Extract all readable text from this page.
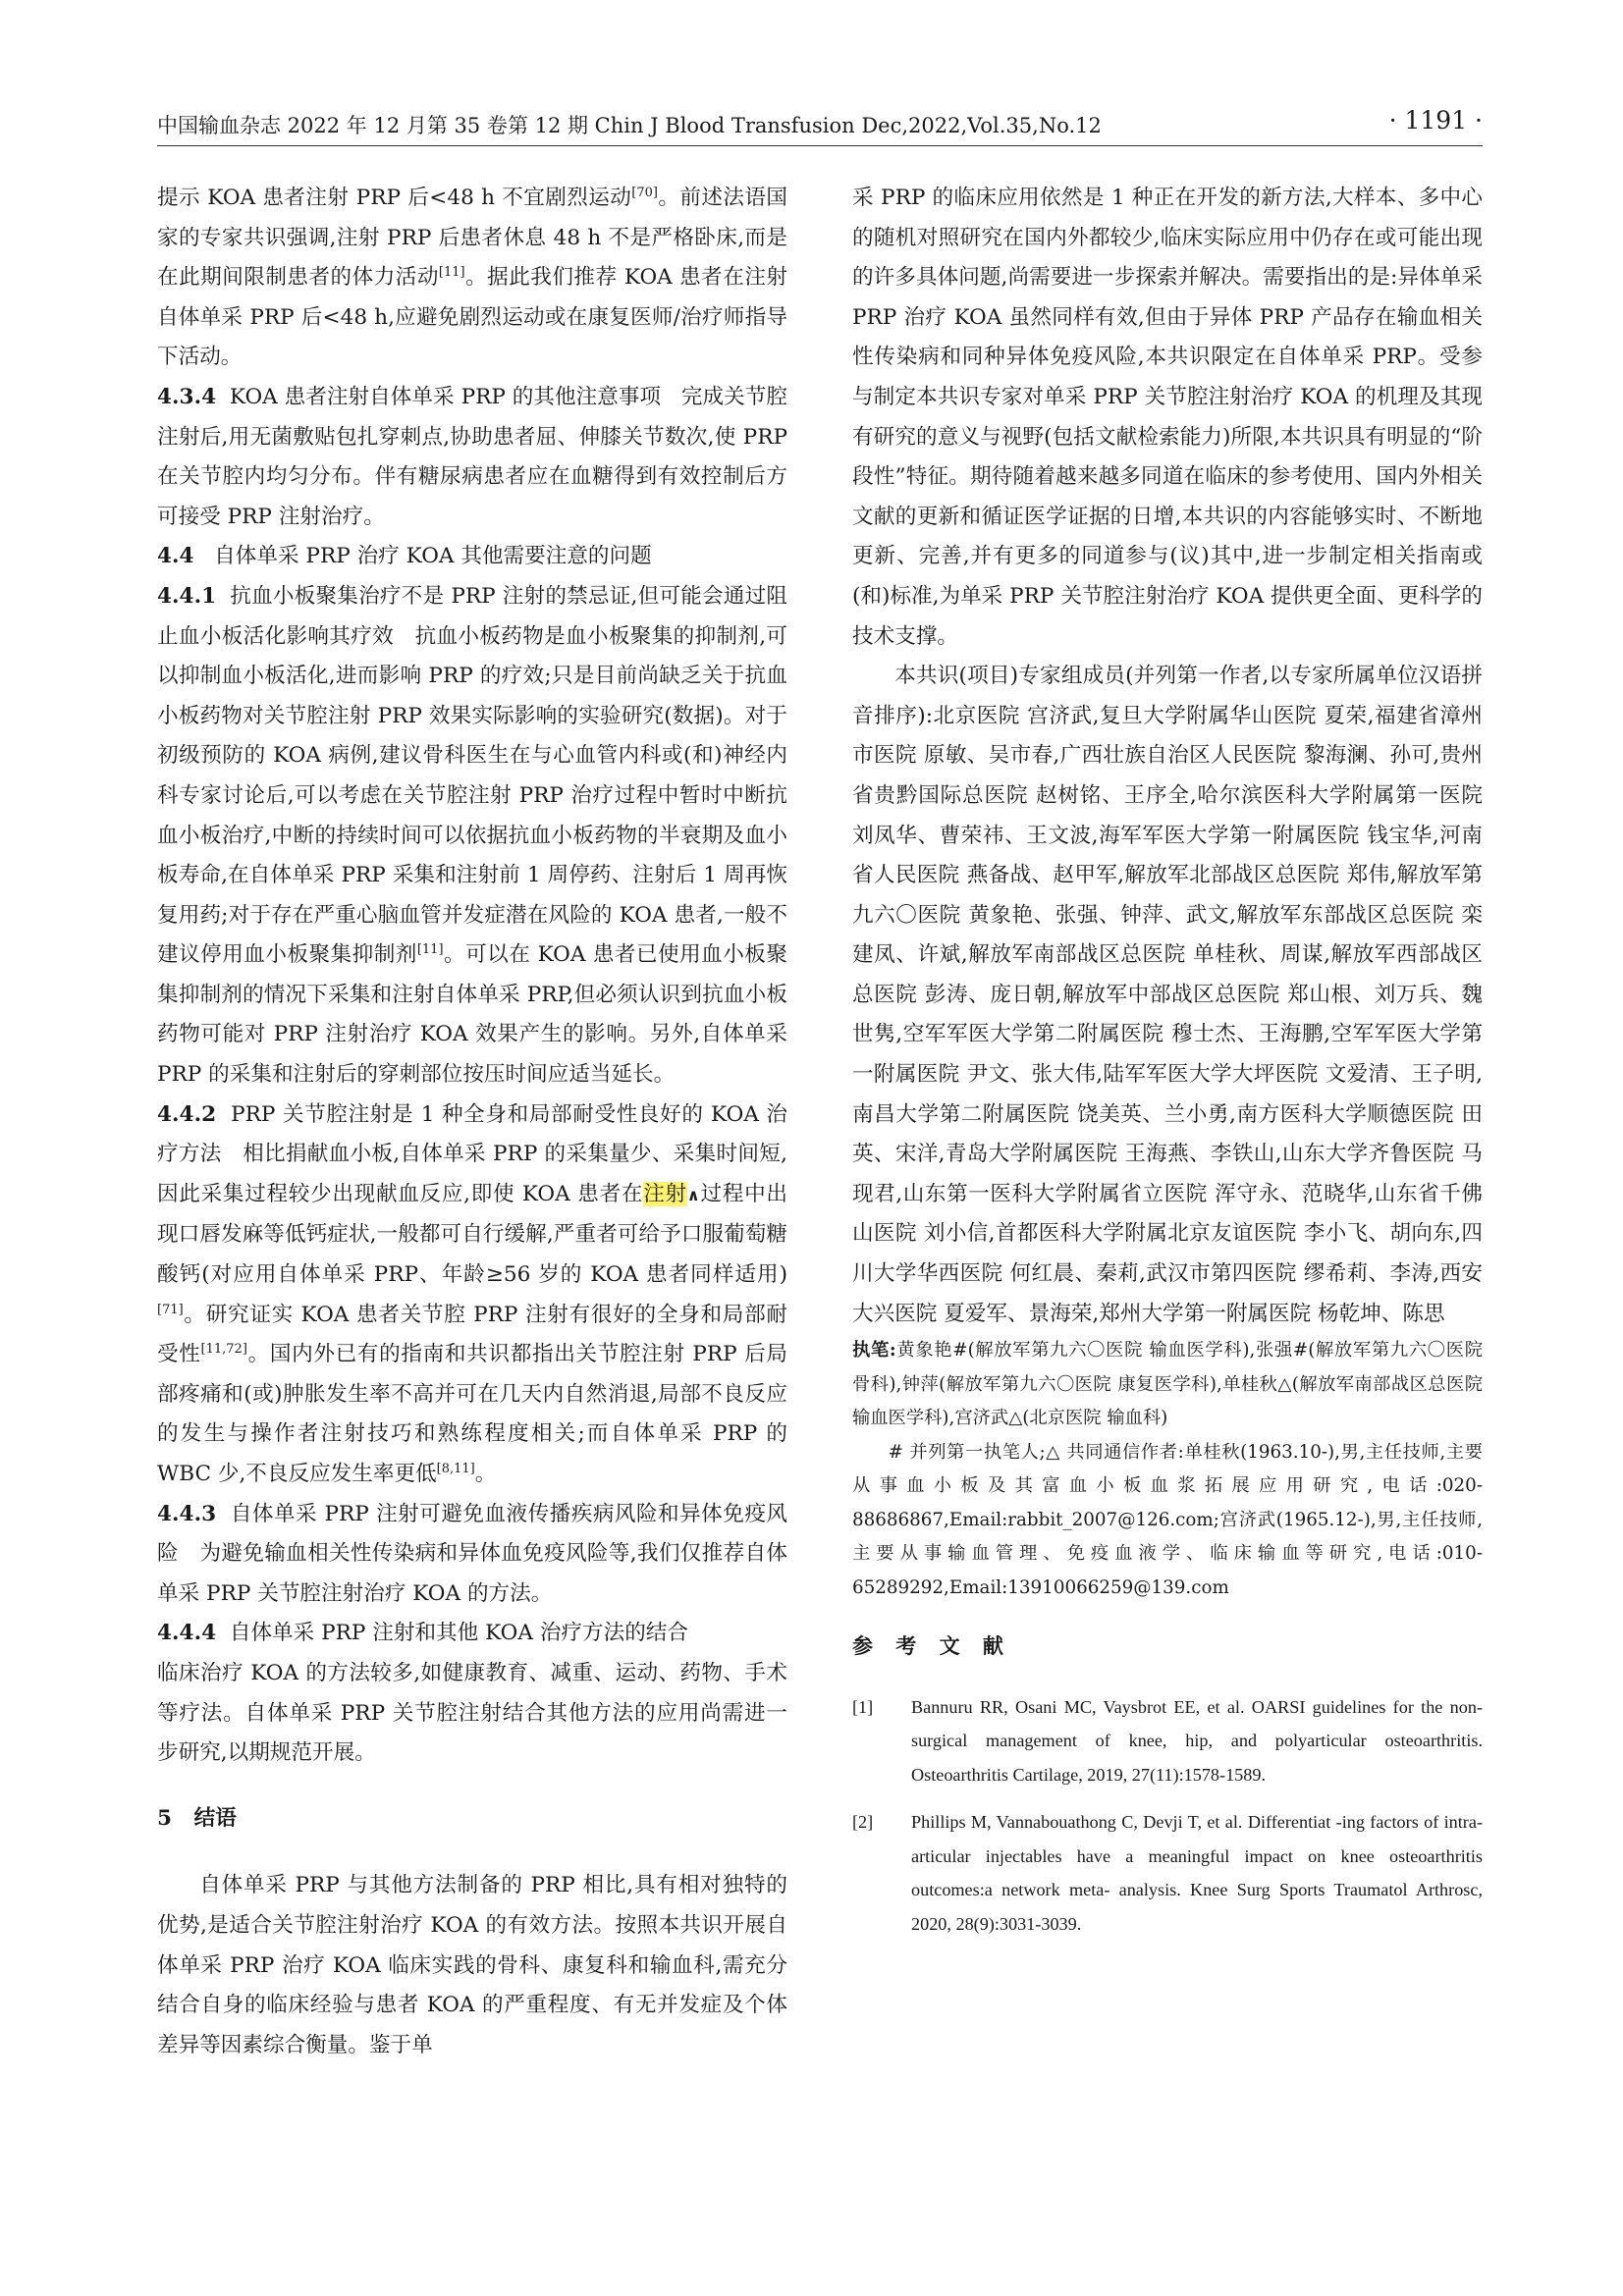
中国输血杂志 2022 年 12 月第 35 卷第 12 期 Chin J Blood Transfusion Dec,2022,Vol.35,No.12	· 1191 ·

提示 KOA 患者注射 PRP 后<48 h 不宜剧烈运动[70]。前述法语国家的专家共识强调,注射 PRP 后患者休息 48 h 不是严格卧床,而是在此期间限制患者的体力活动[11]。据此我们推荐 KOA 患者在注射自体单采 PRP 后<48 h,应避免剧烈运动或在康复医师/治疗师指导下活动。

4.3.4 KOA 患者注射自体单采 PRP 的其他注意事项 完成关节腔注射后,用无菌敷贴包扎穿刺点,协助患者屈、伸膝关节数次,使 PRP 在关节腔内均匀分布。伴有糖尿病患者应在血糖得到有效控制后方可接受 PRP 注射治疗。

4.4 自体单采 PRP 治疗 KOA 其他需要注意的问题

4.4.1 抗血小板聚集治疗不是 PRP 注射的禁忌证,但可能会通过阻止血小板活化影响其疗效 抗血小板药物是血小板聚集的抑制剂,可以抑制血小板活化,进而影响 PRP 的疗效;只是目前尚缺乏关于抗血小板药物对关节腔注射 PRP 效果实际影响的实验研究(数据)。对于初级预防的 KOA 病例,建议骨科医生在与心血管内科或(和)神经内科专家讨论后,可以考虑在关节腔注射 PRP 治疗过程中暂时中断抗血小板治疗,中断的持续时间可以依据抗血小板药物的半衰期及血小板寿命,在自体单采 PRP 采集和注射前 1 周停药、注射后 1 周再恢复用药;对于存在严重心脑血管并发症潜在风险的 KOA 患者,一般不建议停用血小板聚集抑制剂[11]。可以在 KOA 患者已使用血小板聚集抑制剂的情况下采集和注射自体单采 PRP,但必须认识到抗血小板药物可能对 PRP 注射治疗 KOA 效果产生的影响。另外,自体单采 PRP 的采集和注射后的穿刺部位按压时间应适当延长。

4.4.2 PRP 关节腔注射是 1 种全身和局部耐受性良好的 KOA 治疗方法 相比捐献血小板,自体单采 PRP 的采集量少、采集时间短,因此采集过程较少出现献血反应,即使 KOA 患者在注射∧过程中出现口唇发麻等低钙症状,一般都可自行缓解,严重者可给予口服葡萄糖酸钙(对应用自体单采 PRP、年龄≥56 岁的 KOA 患者同样适用)[71]。研究证实 KOA 患者关节腔 PRP 注射有很好的全身和局部耐受性[11,72]。国内外已有的指南和共识都指出关节腔注射 PRP 后局部疼痛和(或)肿胀发生率不高并可在几天内自然消退,局部不良反应的发生与操作者注射技巧和熟练程度相关;而自体单采 PRP 的 WBC 少,不良反应发生率更低[8,11]。

4.4.3 自体单采 PRP 注射可避免血液传播疾病风险和异体免疫风险 为避免输血相关性传染病和异体血免疫风险等,我们仅推荐自体单采 PRP 关节腔注射治疗 KOA 的方法。

4.4.4 自体单采 PRP 注射和其他 KOA 治疗方法的结合

临床治疗 KOA 的方法较多,如健康教育、减重、运动、药物、手术等疗法。自体单采 PRP 关节腔注射结合其他方法的应用尚需进一步研究,以期规范开展。

5 结语

自体单采 PRP 与其他方法制备的 PRP 相比,具有相对独特的优势,是适合关节腔注射治疗 KOA 的有效方法。按照本共识开展自体单采 PRP 治疗 KOA 临床实践的骨科、康复科和输血科,需充分结合自身的临床经验与患者 KOA 的严重程度、有无并发症及个体差异等因素综合衡量。鉴于单

采 PRP 的临床应用依然是 1 种正在开发的新方法,大样本、多中心的随机对照研究在国内外都较少,临床实际应用中仍存在或可能出现的许多具体问题,尚需要进一步探索并解决。需要指出的是:异体单采 PRP 治疗 KOA 虽然同样有效,但由于异体 PRP 产品存在输血相关性传染病和同种异体免疫风险,本共识限定在自体单采 PRP。受参与制定本共识专家对单采 PRP 关节腔注射治疗 KOA 的机理及其现有研究的意义与视野(包括文献检索能力)所限,本共识具有明显的“阶段性”特征。期待随着越来越多同道在临床的参考使用、国内外相关文献的更新和循证医学证据的日增,本共识的内容能够实时、不断地更新、完善,并有更多的同道参与(议)其中,进一步制定相关指南或(和)标准,为单采 PRP 关节腔注射治疗 KOA 提供更全面、更科学的技术支撑。

本共识(项目)专家组成员(并列第一作者,以专家所属单位汉语拼音排序):北京医院 宫济武,复旦大学附属华山医院 夏荣,福建省漳州市医院 原敏、吴市春,广西壮族自治区人民医院 黎海澜、孙可,贵州省贵黔国际总医院 赵树铭、王序全,哈尔滨医科大学附属第一医院 刘凤华、曹荣祎、王文波,海军军医大学第一附属医院 钱宝华,河南省人民医院 燕备战、赵甲军,解放军北部战区总医院 郑伟,解放军第九六〇医院 黄象艳、张强、钟萍、武文,解放军东部战区总医院 栾建凤、许斌,解放军南部战区总医院 单桂秋、周谋,解放军西部战区总医院 彭涛、庞日朝,解放军中部战区总医院 郑山根、刘万兵、魏世隽,空军军医大学第二附属医院 穆士杰、王海鹏,空军军医大学第一附属医院 尹文、张大伟,陆军军医大学大坪医院 文爱清、王子明,南昌大学第二附属医院 饶美英、兰小勇,南方医科大学顺德医院 田英、宋洋,青岛大学附属医院 王海燕、李铁山,山东大学齐鲁医院 马现君,山东第一医科大学附属省立医院 浑守永、范晓华,山东省千佛山医院 刘小信,首都医科大学附属北京友谊医院 李小飞、胡向东,四川大学华西医院 何红晨、秦莉,武汉市第四医院 缪希莉、李涛,西安大兴医院 夏爱军、景海荣,郑州大学第一附属医院 杨乾坤、陈思

执笔:黄象艳#(解放军第九六〇医院 输血医学科),张强#(解放军第九六〇医院 骨科),钟萍(解放军第九六〇医院 康复医学科),单桂秋△(解放军南部战区总医院 输血医学科),宫济武△(北京医院 输血科)

# 并列第一执笔人;△ 共同通信作者:单桂秋(1963.10-),男,主任技师,主要从事血小板及其富血小板血浆拓展应用研究,电话:020-88686867,Email:rabbit_2007@126.com;宫济武(1965.12-),男,主任技师,主要从事输血管理、免疫血液学、临床输血等研究,电话:010-65289292,Email:13910066259@139.com

参 考 文 献

[1]	Bannuru RR, Osani MC, Vaysbrot EE, et al. OARSI guidelines for the non-surgical management of knee, hip, and polyarticular osteoarthritis. Osteoarthritis Cartilage, 2019, 27(11):1578-1589.
[2]	Phillips M, Vannabouathong C, Devji T, et al. Differentiat -ing factors of intra-articular injectables have a meaningful impact on knee osteoarthritis outcomes:a network meta- analysis. Knee Surg Sports Traumatol Arthrosc, 2020, 28(9):3031-3039.
